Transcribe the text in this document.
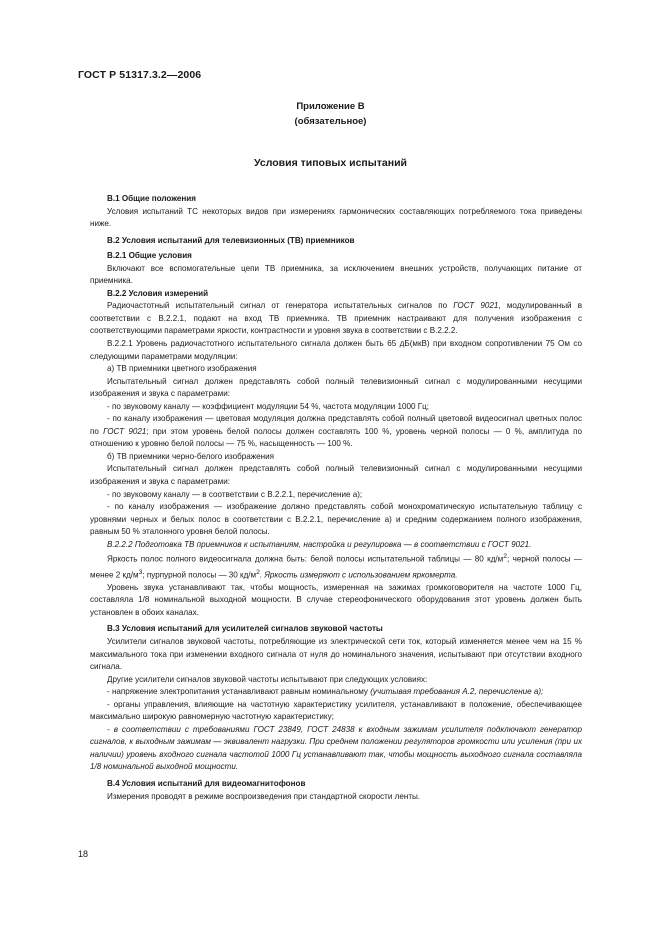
ГОСТ Р 51317.3.2—2006
Приложение В
(обязательное)
Условия типовых испытаний

В.1 Общие положения

Условия испытаний ТС некоторых видов при измерениях гармонических составляющих потребляемого тока приведены ниже.

В.2 Условия испытаний для телевизионных (ТВ) приемников

В.2.1 Общие условия

Включают все вспомогательные цепи ТВ приемника, за исключением внешних устройств, получающих питание от приемника.

В.2.2 Условия измерений

Радиочастотный испытательный сигнал от генератора испытательных сигналов по ГОСТ 9021, модулированный в соответствии с В.2.2.1, подают на вход ТВ приемника. ТВ приемник настраивают для получения изображения с соответствующими параметрами яркости, контрастности и уровня звука в соответствии с В.2.2.2.

В.2.2.1 Уровень радиочастотного испытательного сигнала должен быть 65 дБ(мкВ) при входном сопротивлении 75 Ом со следующими параметрами модуляции:

а) ТВ приемники цветного изображения

Испытательный сигнал должен представлять собой полный телевизионный сигнал с модулированными несущими изображения и звука с параметрами:

- по звуковому каналу — коэффициент модуляции 54 %, частота модуляции 1000 Гц;

- по каналу изображения — цветовая модуляция должна представлять собой полный цветовой видеосигнал цветных полос по ГОСТ 9021; при этом уровень белой полосы должен составлять 100 %, уровень черной полосы — 0 %, амплитуда по отношению к уровню белой полосы — 75 %, насыщенность — 100 %.

б) ТВ приемники черно-белого изображения

Испытательный сигнал должен представлять собой полный телевизионный сигнал с модулированными несущими изображения и звука с параметрами:

- по звуковому каналу — в соответствии с В.2.2.1, перечисление а);

- по каналу изображения — изображение должно представлять собой монохроматическую испытательную таблицу с уровнями черных и белых полос в соответствии с В.2.2.1, перечисление а) и средним содержанием полного изображения, равным 50 % эталонного уровня белой полосы.

В.2.2.2 Подготовка ТВ приемников к испытаниям, настройка и регулировка — в соответствии с ГОСТ 9021.

Яркость полос полного видеосигнала должна быть: белой полосы испытательной таблицы — 80 $кд/м^2$; черной полосы — менее 2 $кд/м^3$; пурпурной полосы — 30 $кд/м^2$. Яркость измеряют с использованием яркомерта.

Уровень звука устанавливают так, чтобы мощность, измеренная на зажимах громкоговорителя на частоте 1000 Гц, составляла 1/8 номинальной выходной мощности. В случае стереофонического оборудования этот уровень должен быть установлен в обоих каналах.

В.3 Условия испытаний для усилителей сигналов звуковой частоты

Усилители сигналов звуковой частоты, потребляющие из электрической сети ток, который изменяется менее чем на 15 % максимального тока при изменении входного сигнала от нуля до номинального значения, испытывают при отсутствии входного сигнала.

Другие усилители сигналов звуковой частоты испытывают при следующих условиях:

- напряжение электропитания устанавливают равным номинальному (учитывая требования А.2, перечисление а);

- органы управления, влияющие на частотную характеристику усилителя, устанавливают в положение, обеспечивающее максимально широкую равномерную частотную характеристику;

- в соответствии с требованиями ГОСТ 23849, ГОСТ 24838 к входным зажимам усилителя подключают генератор сигналов, к выходным зажимам — эквивалент нагрузки. При среднем положении регуляторов громкости или усиления (при их наличии) уровень входного сигнала частотой 1000 Гц устанавливают так, чтобы мощность выходного сигнала составляла 1/8 номинальной выходной мощности.

В.4 Условия испытаний для видеомагнитофонов

Измерения проводят в режиме воспроизведения при стандартной скорости ленты.

18
